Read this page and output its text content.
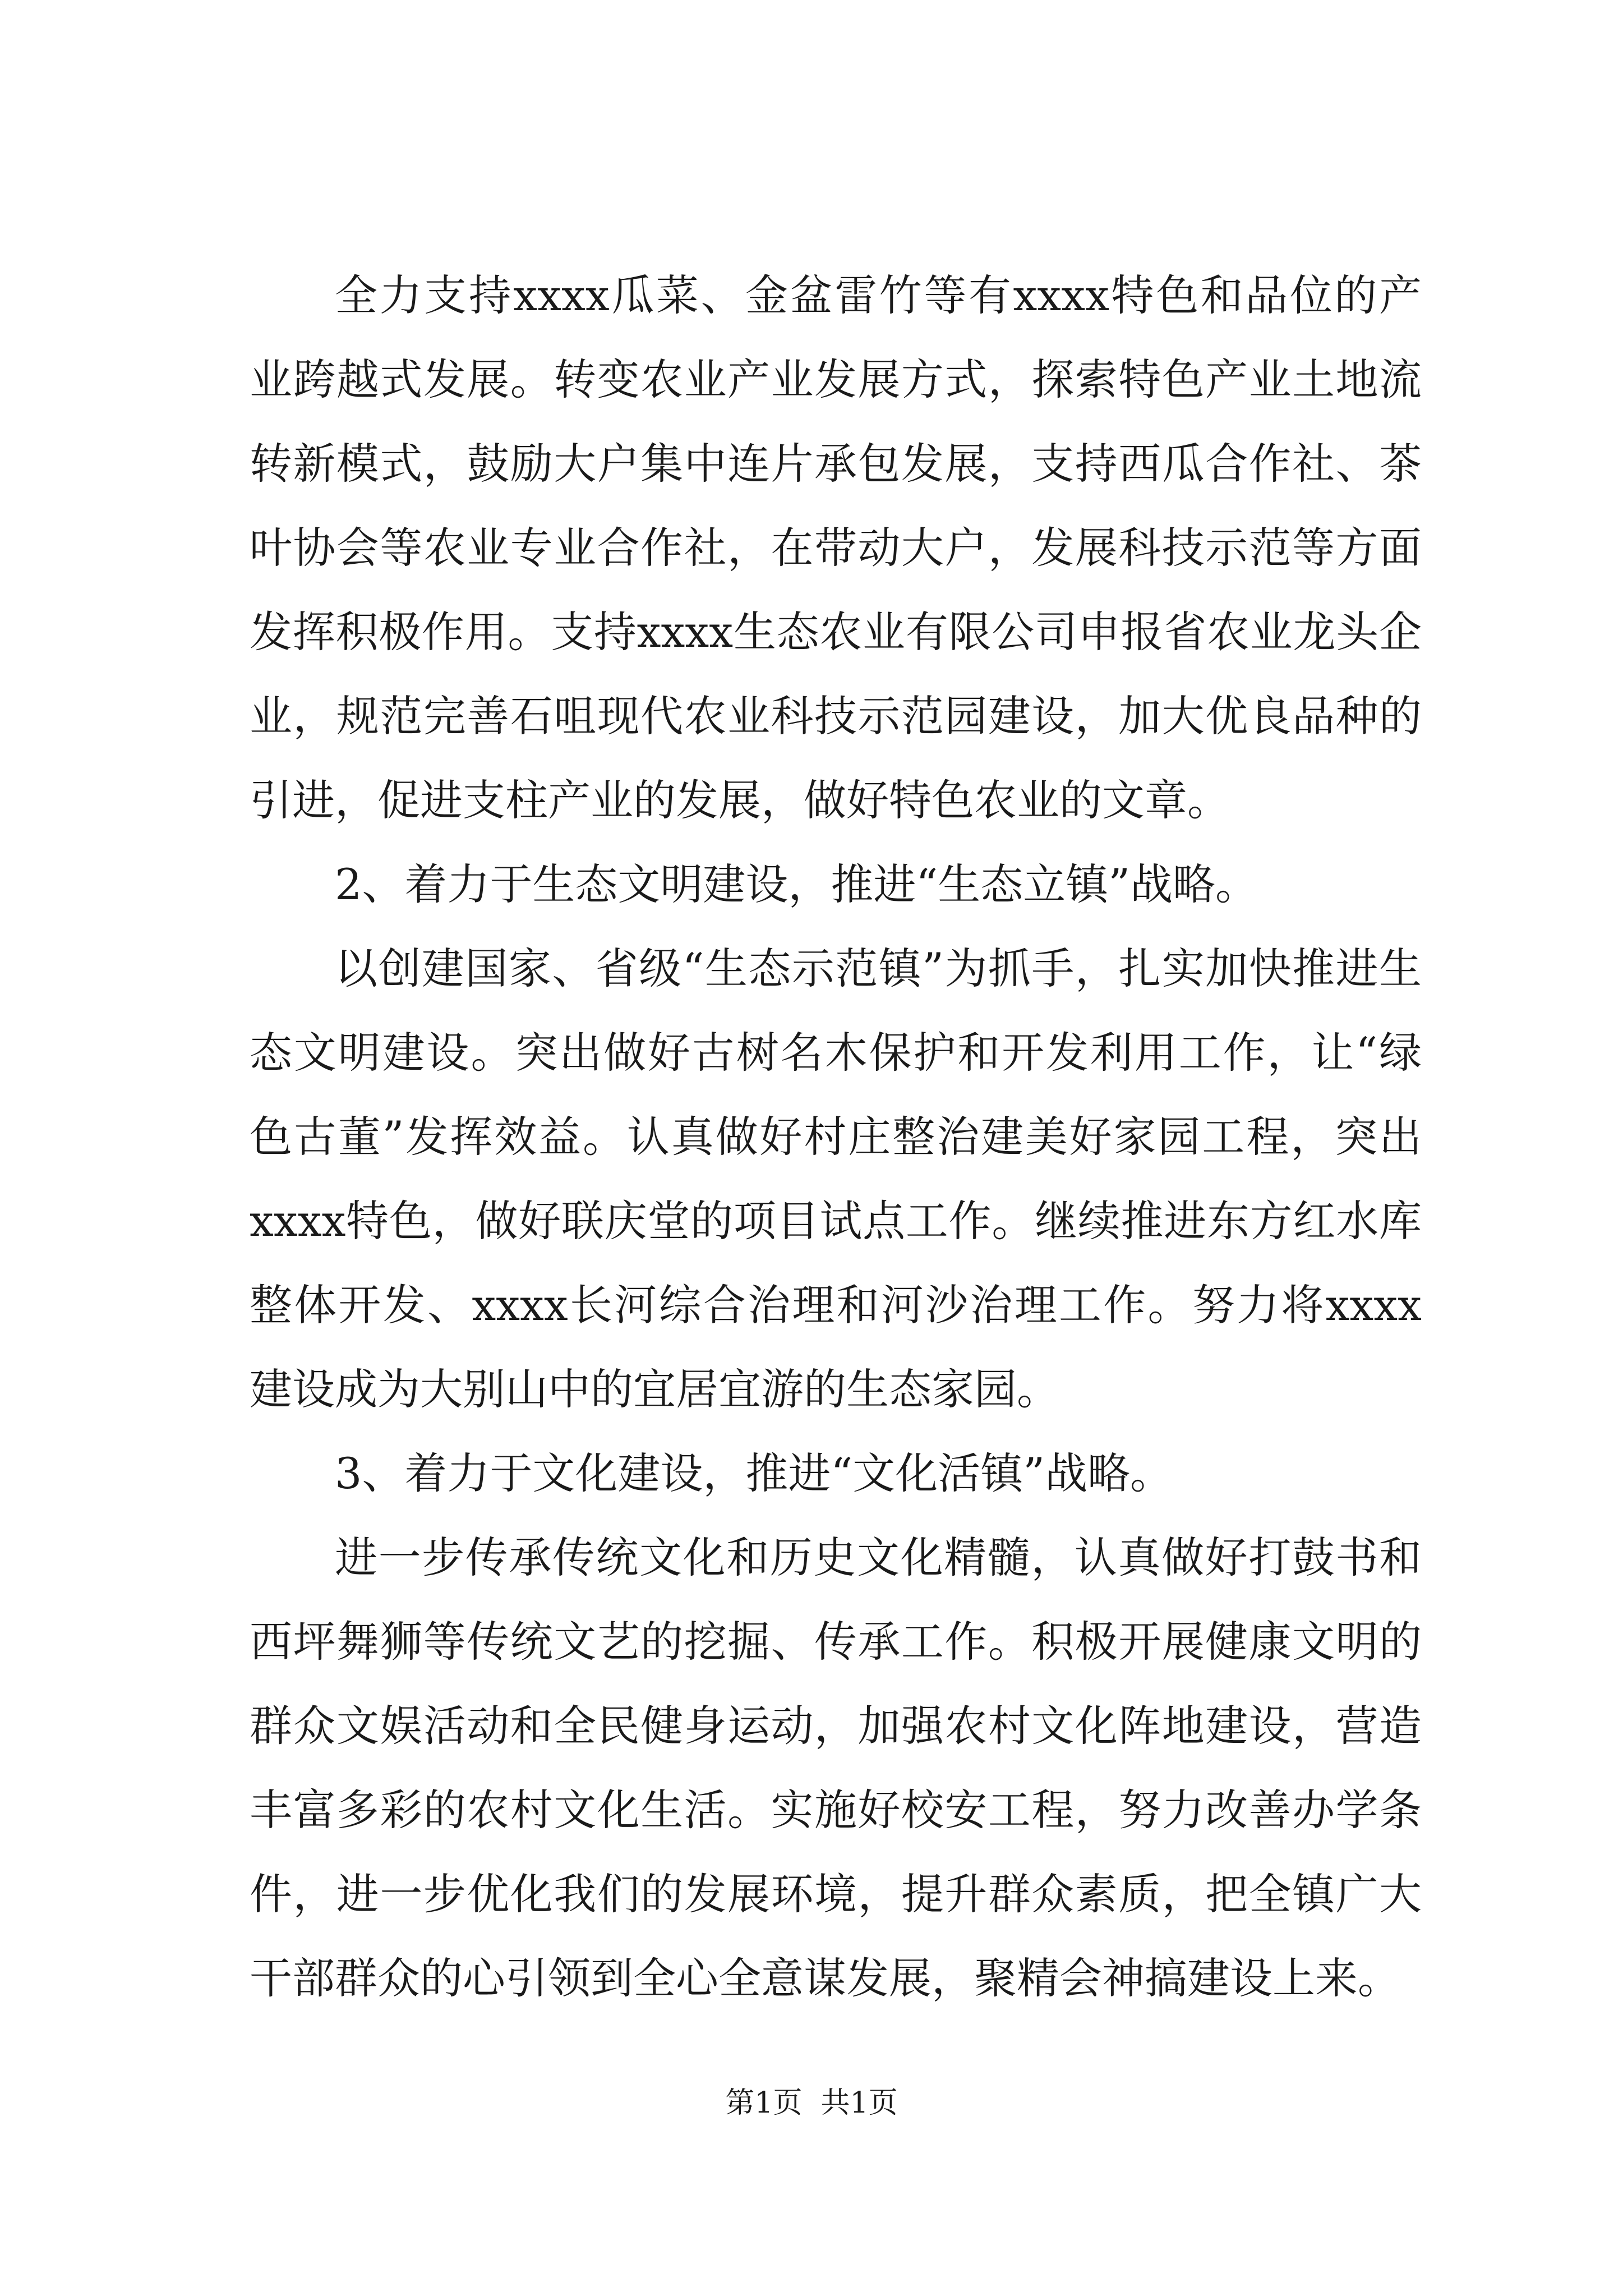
全力支持xxxx瓜菜、金盆雷竹等有xxxx特色和品位的产业跨越式发展。转变农业产业发展方式，探索特色产业土地流转新模式，鼓励大户集中连片承包发展，支持西瓜合作社、茶叶协会等农业专业合作社，在带动大户，发展科技示范等方面发挥积极作用。支持xxxx生态农业有限公司申报省农业龙头企业，规范完善石咀现代农业科技示范园建设，加大优良品种的引进，促进支柱产业的发展，做好特色农业的文章。

2、着力于生态文明建设，推进“生态立镇”战略。

以创建国家、省级“生态示范镇”为抓手，扎实加快推进生态文明建设。突出做好古树名木保护和开发利用工作，让“绿色古董”发挥效益。认真做好村庄整治建美好家园工程，突出xxxx特色，做好联庆堂的项目试点工作。继续推进东方红水库整体开发、xxxx长河综合治理和河沙治理工作。努力将xxxx建设成为大别山中的宜居宜游的生态家园。

3、着力于文化建设，推进“文化活镇”战略。

进一步传承传统文化和历史文化精髓，认真做好打鼓书和西坪舞狮等传统文艺的挖掘、传承工作。积极开展健康文明的群众文娱活动和全民健身运动，加强农村文化阵地建设，营造丰富多彩的农村文化生活。实施好校安工程，努力改善办学条件，进一步优化我们的发展环境，提升群众素质，把全镇广大干部群众的心引领到全心全意谋发展，聚精会神搞建设上来。

第1页  共1页
